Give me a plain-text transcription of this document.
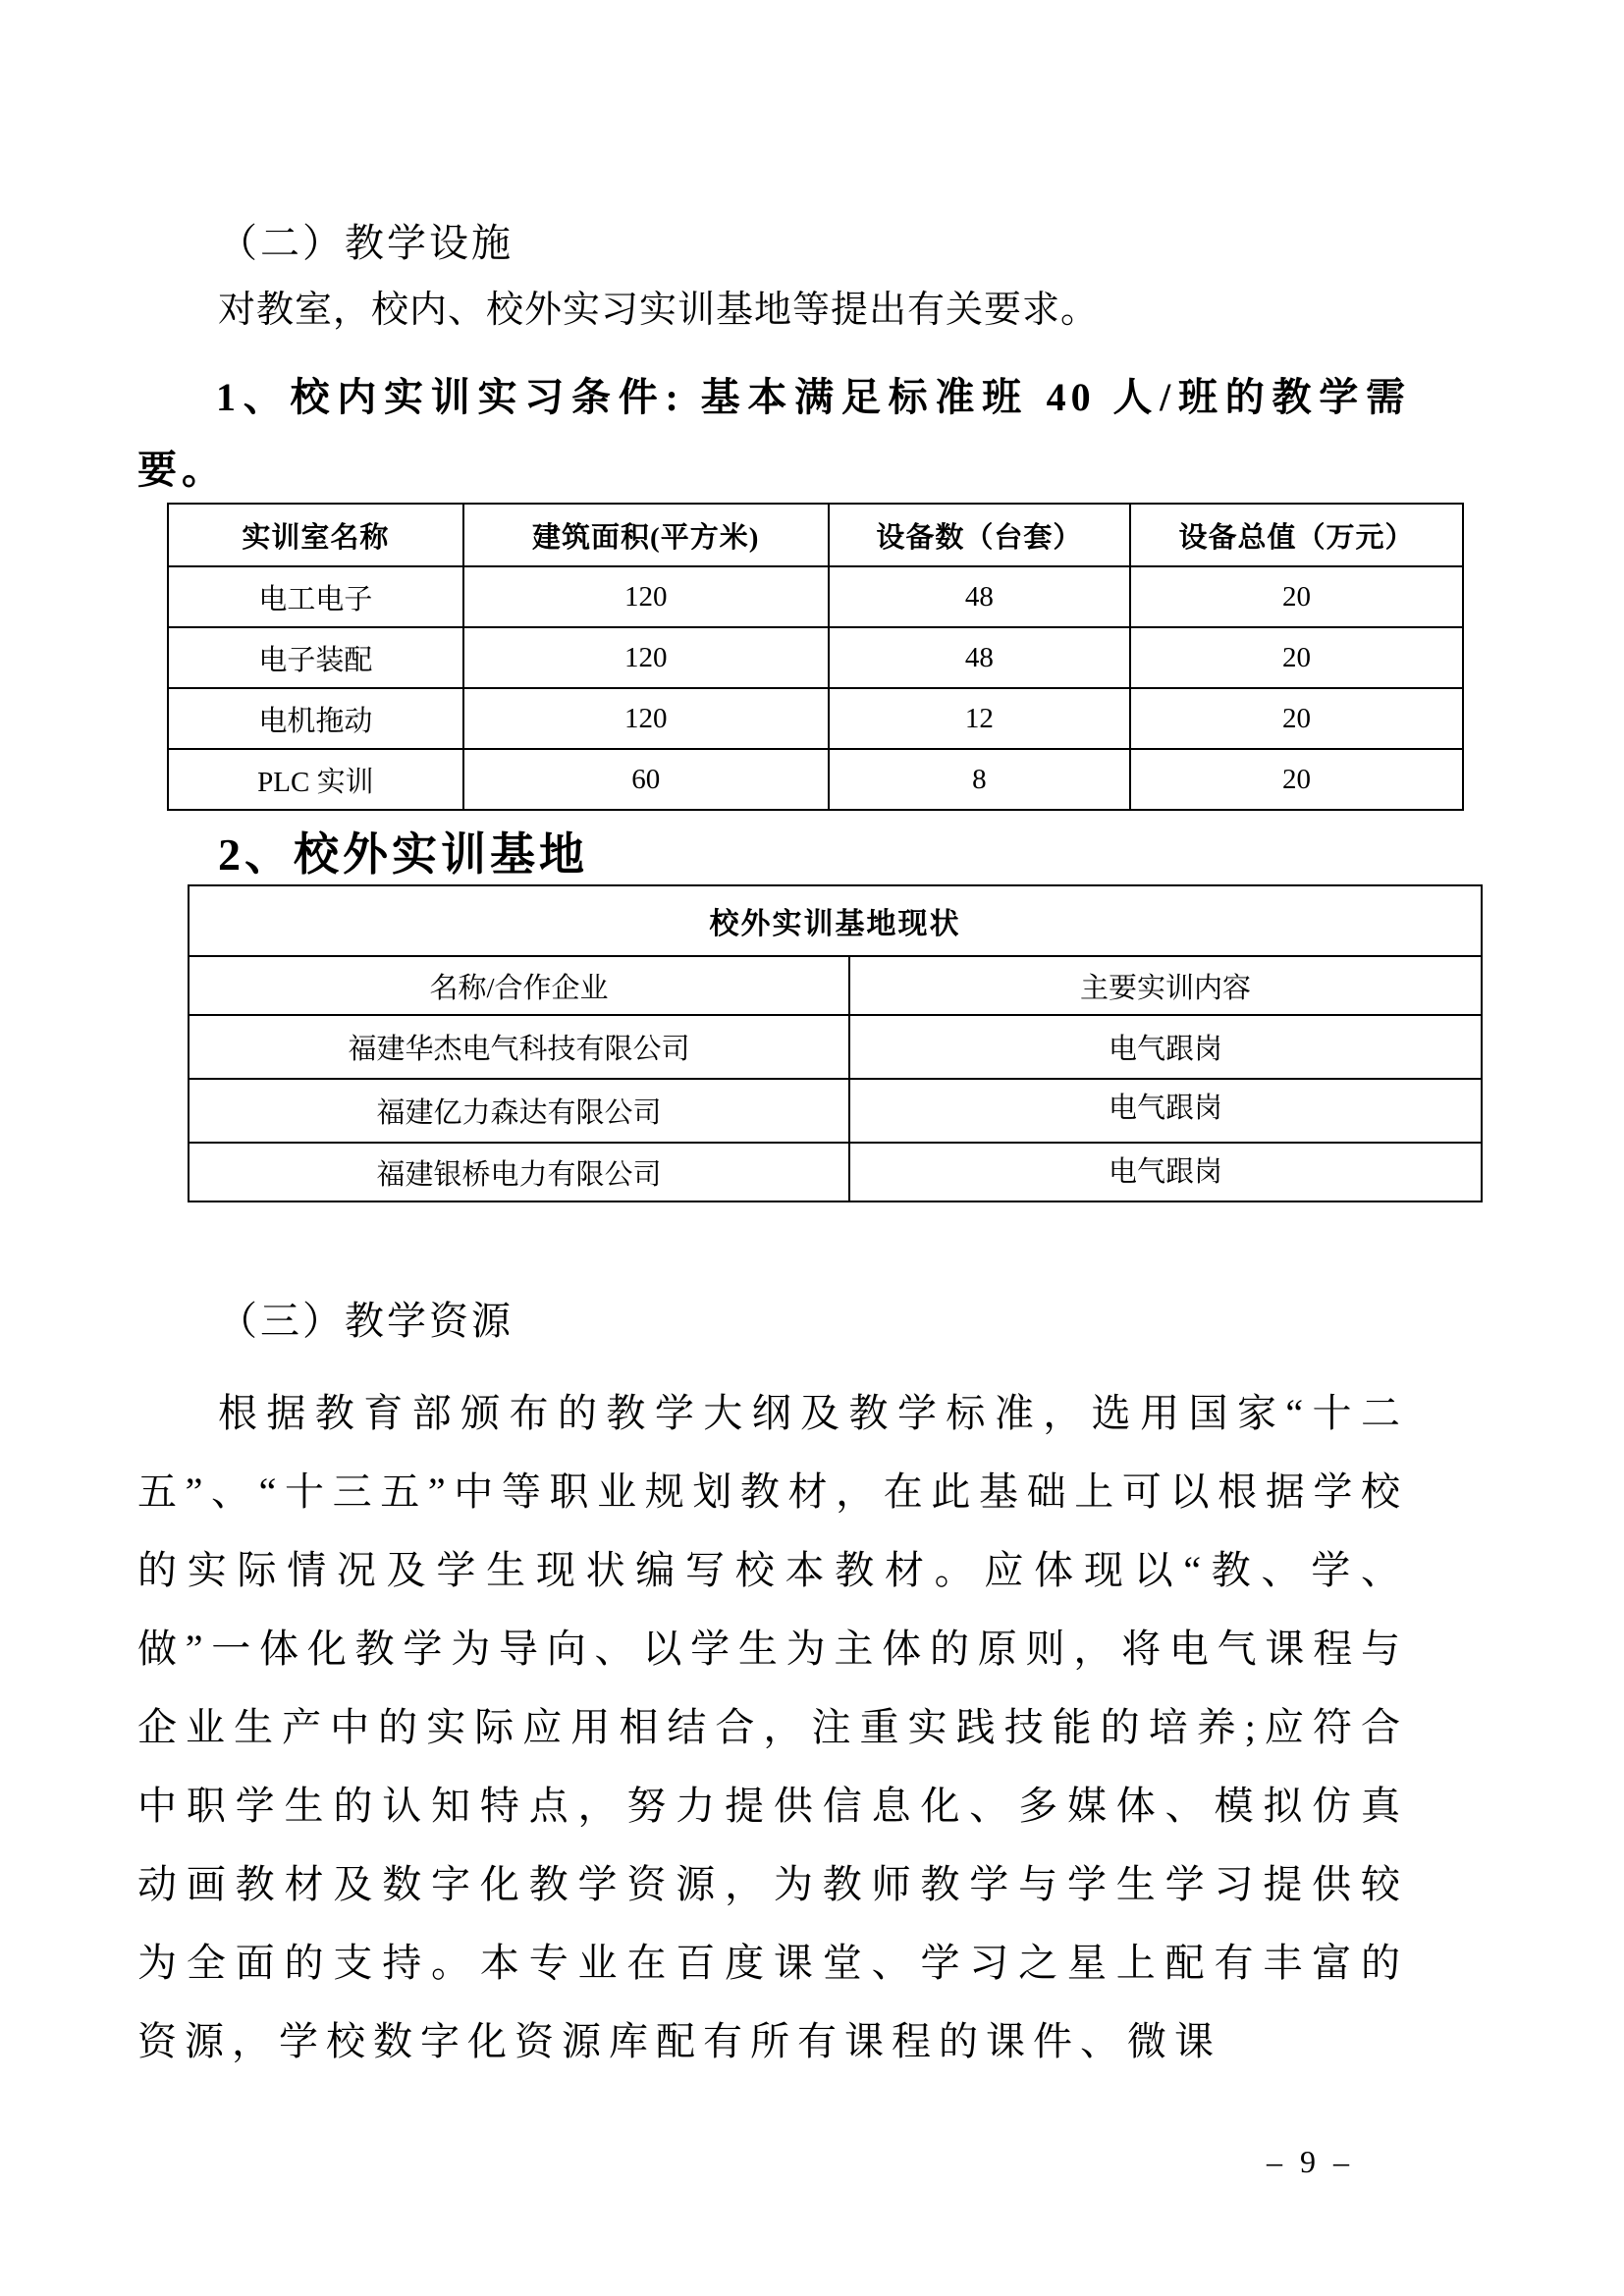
（二）教学设施
对教室，校内、校外实习实训基地等提出有关要求。
1、校内实训实习条件: 基本满足标准班 40 人/班的教学需要。
实训室名称	建筑面积(平方米)	设备数（台套）	设备总值（万元）
电工电子	120	48	20
电子装配	120	48	20
电机拖动	120	12	20
PLC 实训	60	8	20
2、校外实训基地
校外实训基地现状	
名称/合作企业	主要实训内容
福建华杰电气科技有限公司	电气跟岗
福建亿力森达有限公司	电气跟岗
福建银桥电力有限公司	电气跟岗
（三）教学资源
根据教育部颁布的教学大纲及教学标准，选用国家“十二五”、“十三五”中等职业规划教材，在此基础上可以根据学校的实际情况及学生现状编写校本教材。应体现以“教、学、做”一体化教学为导向、以学生为主体的原则，将电气课程与企业生产中的实际应用相结合，注重实践技能的培养;应符合中职学生的认知特点，努力提供信息化、多媒体、模拟仿真动画教材及数字化教学资源，为教师教学与学生学习提供较为全面的支持。本专业在百度课堂、学习之星上配有丰富的资源，学校数字化资源库配有所有课程的课件、微课
– 9 –
